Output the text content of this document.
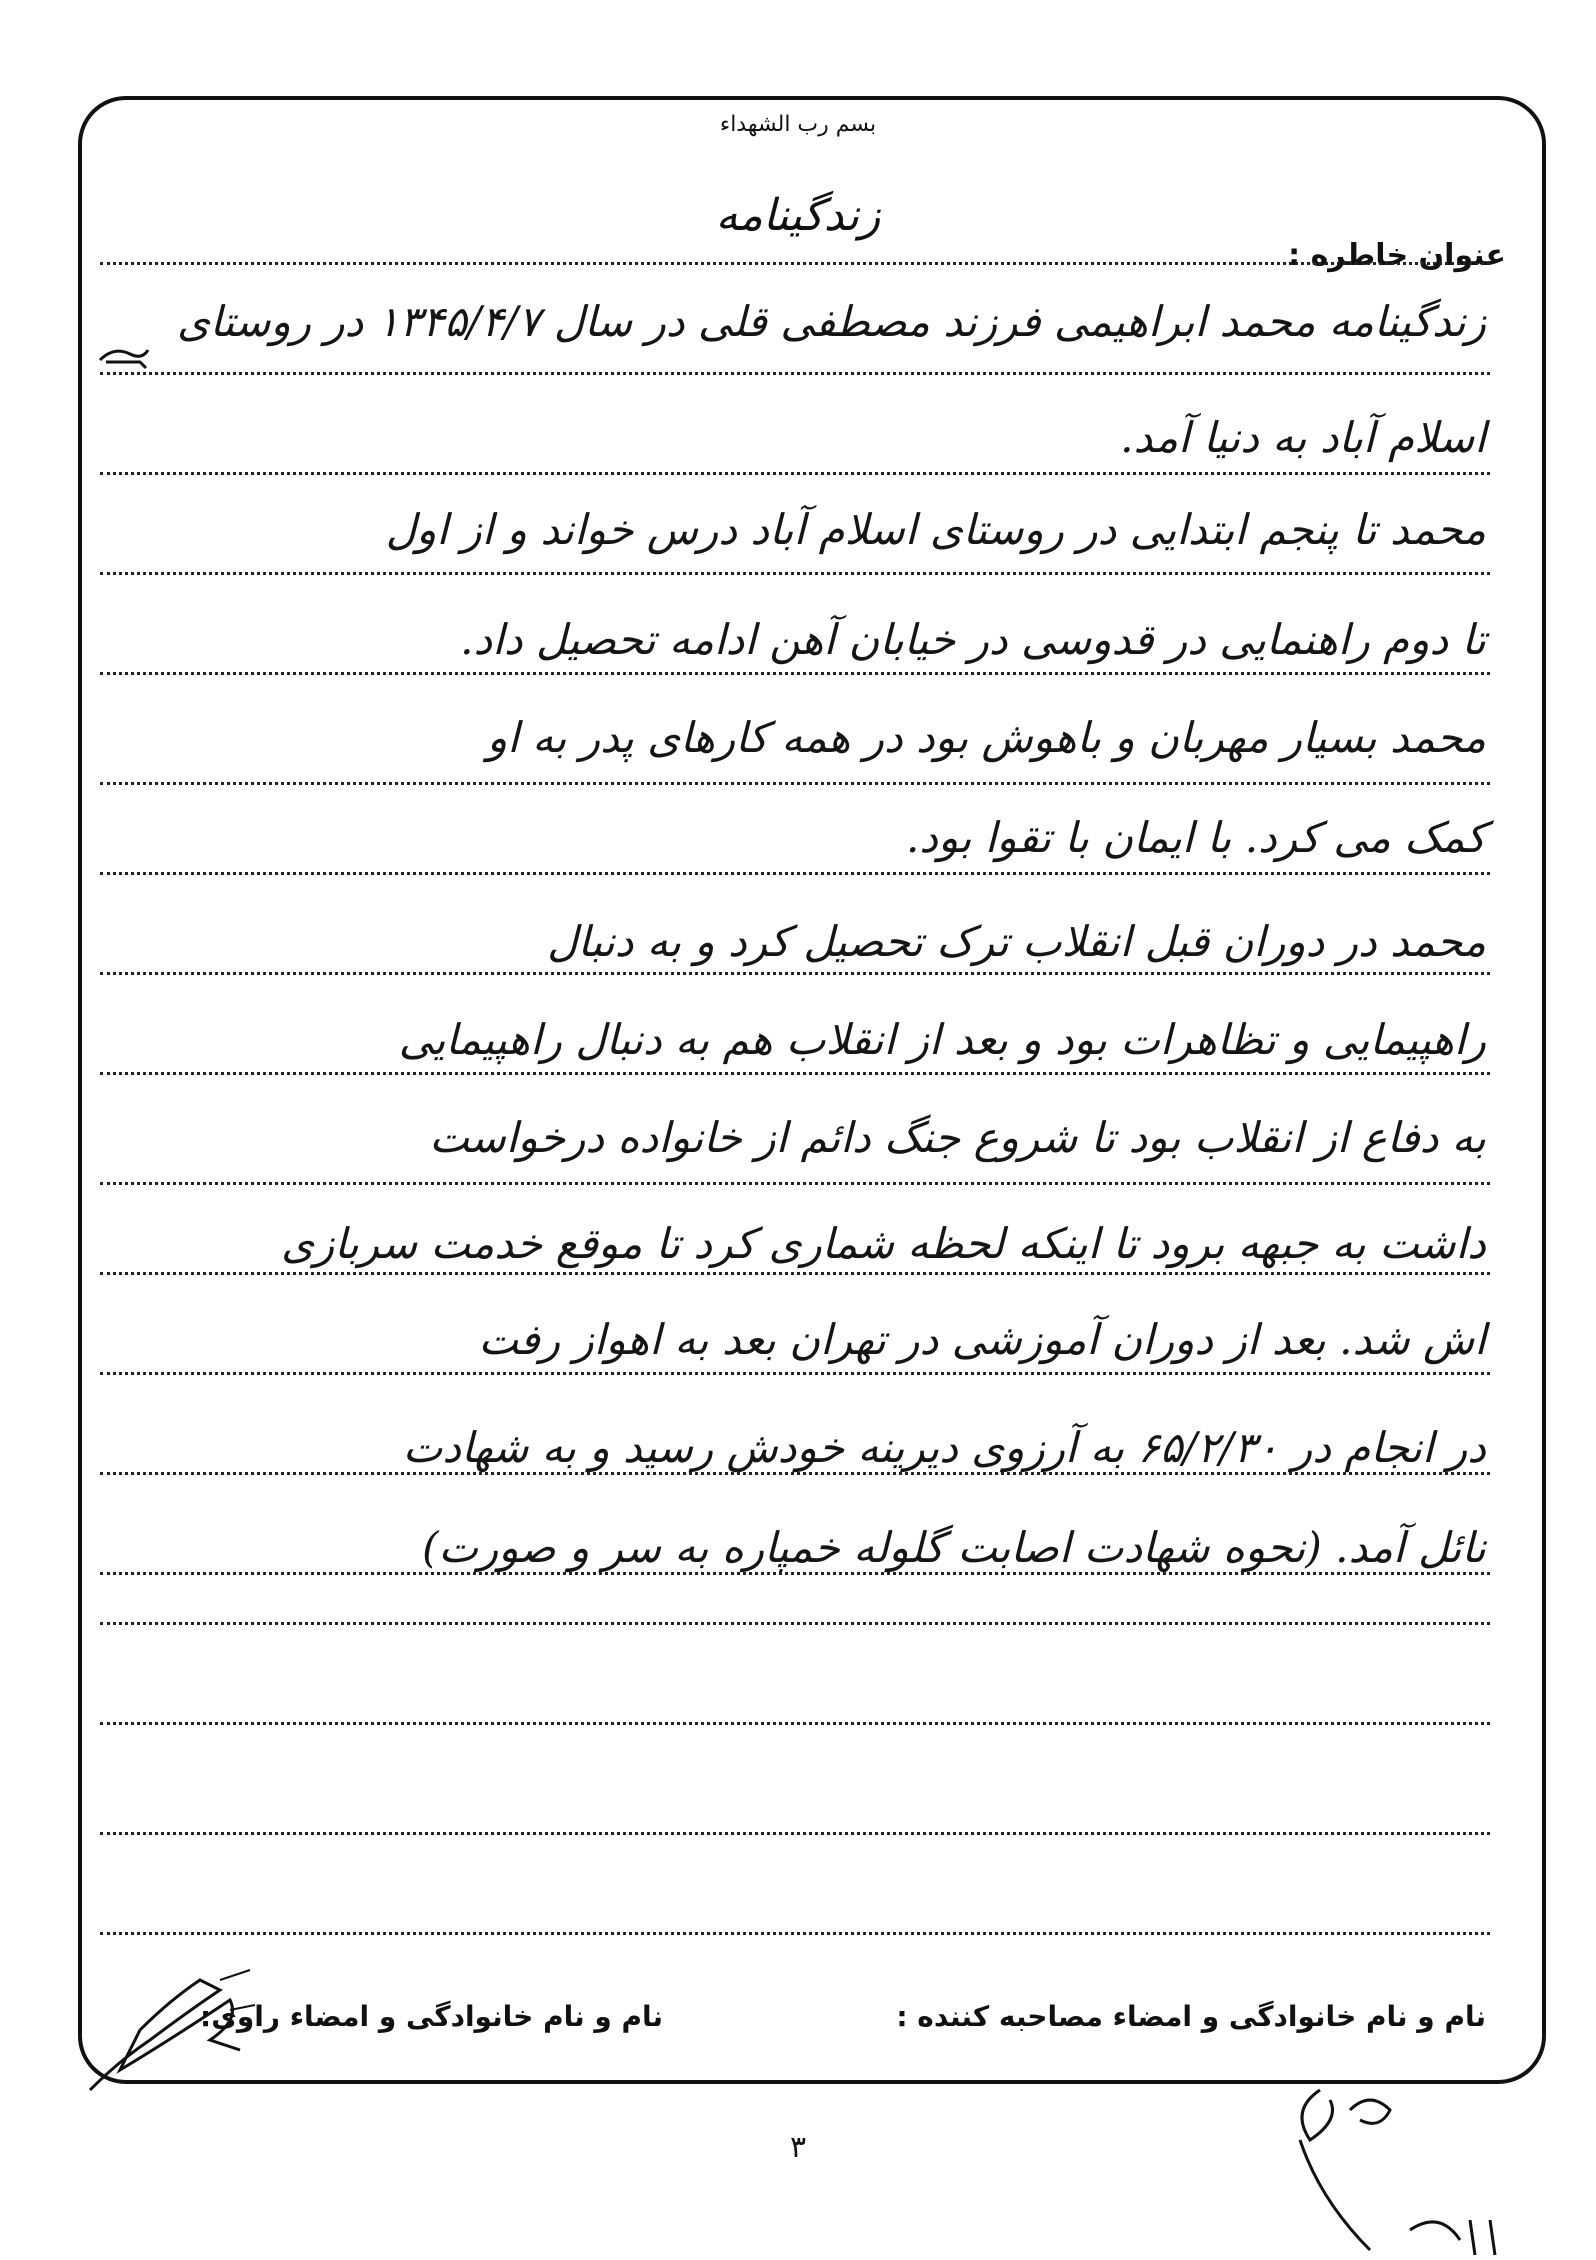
بسم رب الشهداء
زندگینامه
عنوان خاطره :
زندگینامه محمد ابراهیمی فرزند مصطفی قلی در سال ۱۳۴۵/۴/۷ در روستای
اسلام آباد به دنیا آمد.
محمد تا پنجم ابتدایی در روستای اسلام آباد درس خواند و از اول
تا دوم راهنمایی در قدوسی در خیابان آهن ادامه تحصیل داد.
محمد بسیار مهربان و باهوش بود در همه کارهای پدر به او
کمک می کرد. با ایمان با تقوا بود.
محمد در دوران قبل انقلاب ترک تحصیل کرد و به دنبال
راهپیمایی و تظاهرات بود و بعد از انقلاب هم به دنبال راهپیمایی
به دفاع از انقلاب بود تا شروع جنگ دائم از خانواده درخواست
داشت به جبهه برود تا اینکه لحظه شماری کرد تا موقع خدمت سربازی
اش شد. بعد از دوران آموزشی در تهران بعد به اهواز رفت
در انجام در ۶۵/۲/۳۰ به آرزوی دیرینه خودش رسید و به شهادت
نائل آمد. (نحوه شهادت اصابت گلوله خمپاره به سر و صورت)
نام و نام خانوادگی و امضاء راوی:	نام و نام خانوادگی و امضاء مصاحبه کننده :
۳
